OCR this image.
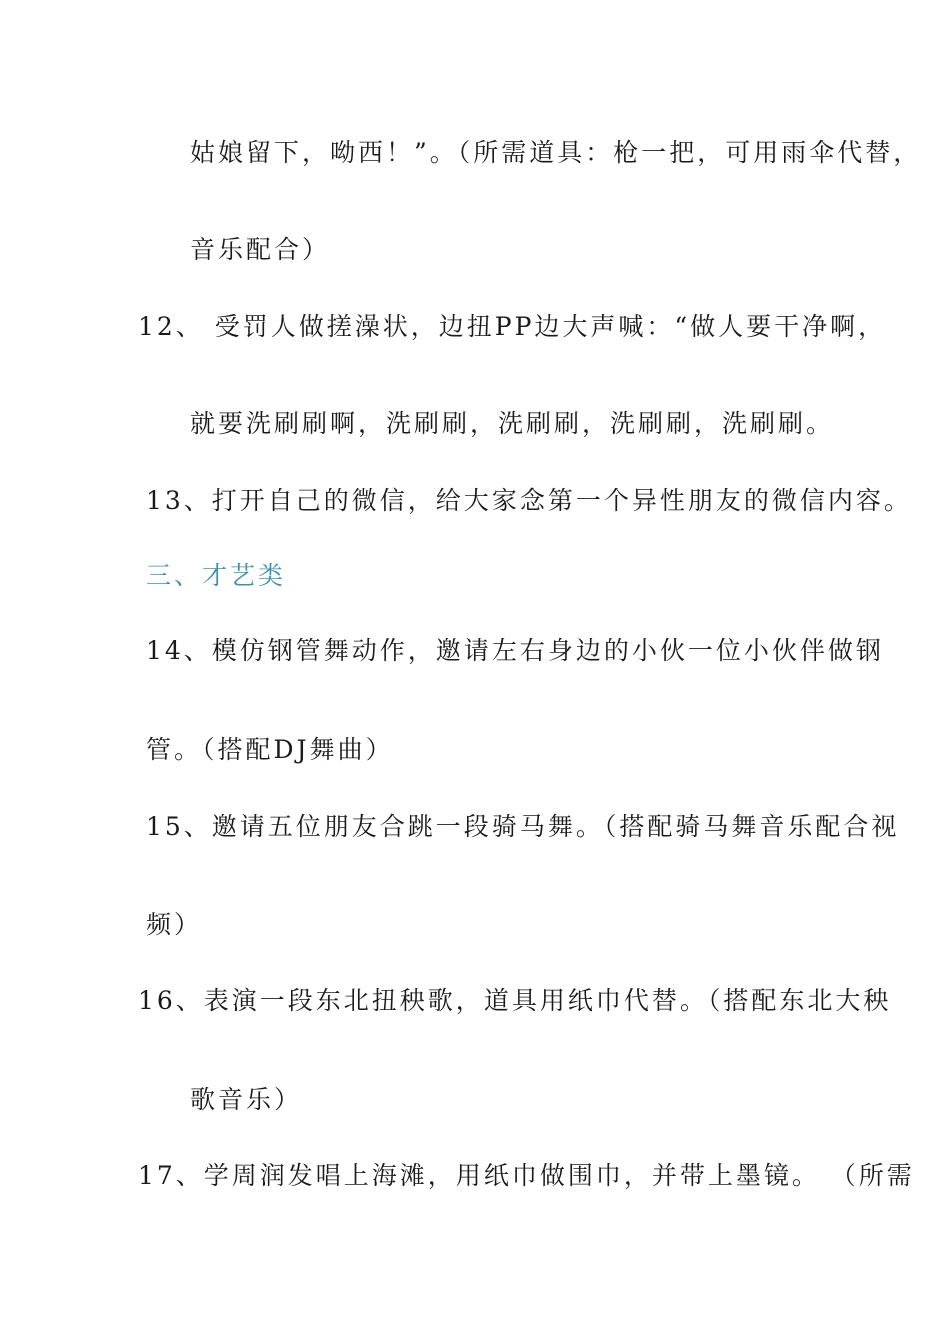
姑娘留下，呦西！”。（所需道具：枪一把，可用雨伞代替，
音乐配合）
12、 受罚人做搓澡状，边扭PP边大声喊：“做人要干净啊，
就要洗刷刷啊，洗刷刷，洗刷刷，洗刷刷，洗刷刷。
13、打开自己的微信，给大家念第一个异性朋友的微信内容。
三、才艺类
14、模仿钢管舞动作，邀请左右身边的小伙一位小伙伴做钢
管。（搭配DJ舞曲）
15、邀请五位朋友合跳一段骑马舞。（搭配骑马舞音乐配合视
频）
16、表演一段东北扭秧歌，道具用纸巾代替。（搭配东北大秧
歌音乐）
17、学周润发唱上海滩，用纸巾做围巾，并带上墨镜。 （所需
